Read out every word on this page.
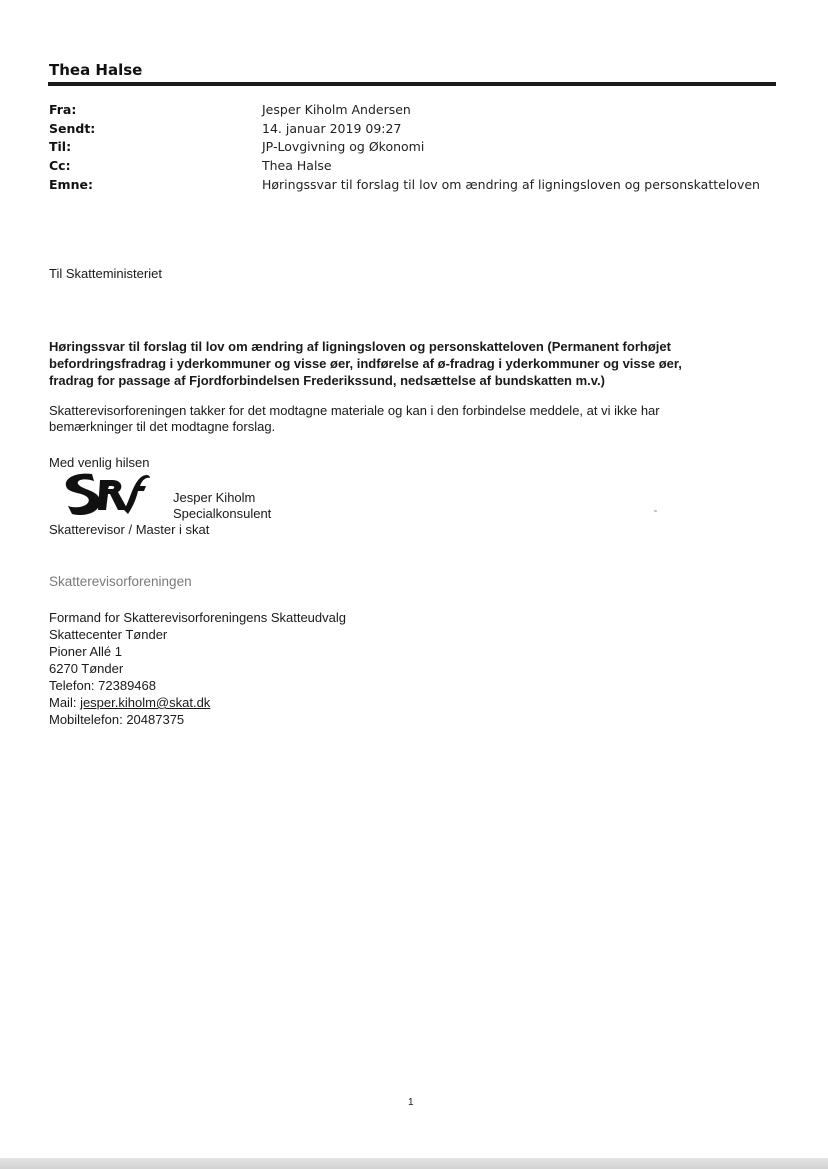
Thea Halse
Fra:	Jesper Kiholm Andersen
Sendt:	14. januar 2019 09:27
Til:	JP-Lovgivning og Økonomi
Cc:	Thea Halse
Emne:	Høringssvar til forslag til lov om ændring af ligningsloven og personskatteloven
Til Skatteministeriet
Høringssvar til forslag til lov om ændring af ligningsloven og personskatteloven (Permanent forhøjet
befordringsfradrag i yderkommuner og visse øer, indførelse af ø-fradrag i yderkommuner og visse øer,
fradrag for passage af Fjordforbindelsen Frederikssund, nedsættelse af bundskatten m.v.)
Skatterevisorforeningen takker for det modtagne materiale og kan i den forbindelse meddele, at vi ikke har
bemærkninger til det modtagne forslag.
Med venlig hilsen
Jesper Kiholm
Specialkonsulent
Skatterevisor / Master i skat
Skatterevisorforeningen
Formand for Skatterevisorforeningens Skatteudvalg
Skattecenter Tønder
Pioner Allé 1
6270 Tønder
Telefon: 72389468
Mail: jesper.kiholm@skat.dk
Mobiltelefon: 20487375
1
